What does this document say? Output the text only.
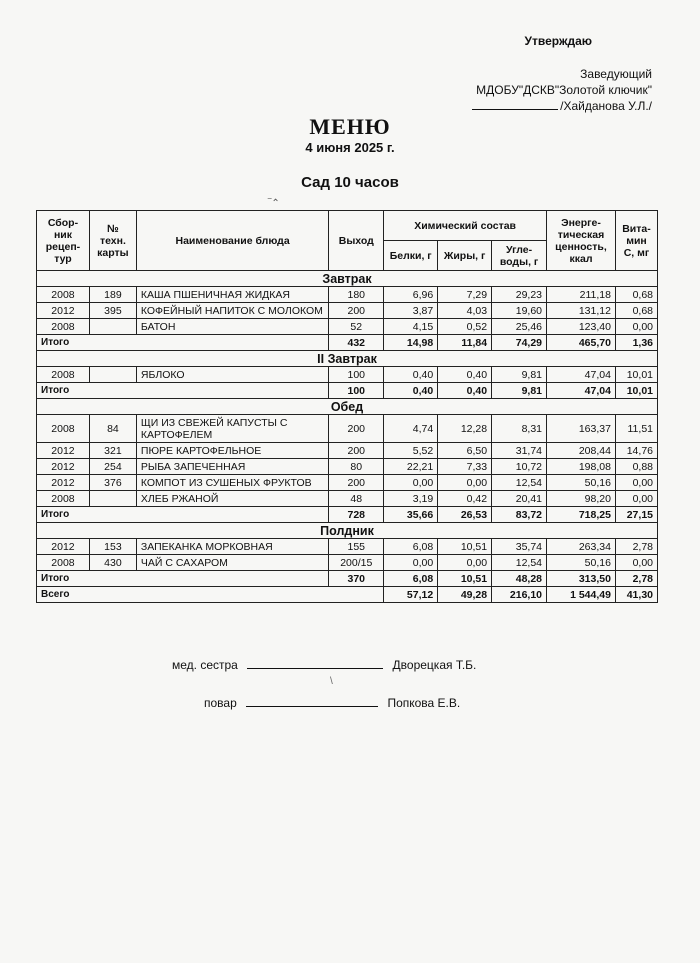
Утверждаю
Заведующий
МДОБУ"ДСКВ"Золотой ключик"
/Хайданова У.Л./
МЕНЮ
4 июня 2025 г.
Сад 10 часов
‾⌃
Сбор-ник рецеп-тур	№ техн. карты	Наименование блюда	Выход	Химический состав			Энерге-тическая ценность, ккал	Вита-мин С, мг
				Белки, г	Жиры, г	Угле-воды, г		
Завтрак								
2008	189	КАША ПШЕНИЧНАЯ ЖИДКАЯ	180	6,96	7,29	29,23	211,18	0,68
2012	395	КОФЕЙНЫЙ НАПИТОК С МОЛОКОМ	200	3,87	4,03	19,60	131,12	0,68
2008		БАТОН	52	4,15	0,52	25,46	123,40	0,00
Итого			432	14,98	11,84	74,29	465,70	1,36
II Завтрак								
2008		ЯБЛОКО	100	0,40	0,40	9,81	47,04	10,01
Итого			100	0,40	0,40	9,81	47,04	10,01
Обед								
2008	84	ЩИ ИЗ СВЕЖЕЙ КАПУСТЫ С КАРТОФЕЛЕМ	200	4,74	12,28	8,31	163,37	11,51
2012	321	ПЮРЕ КАРТОФЕЛЬНОЕ	200	5,52	6,50	31,74	208,44	14,76
2012	254	РЫБА ЗАПЕЧЕННАЯ	80	22,21	7,33	10,72	198,08	0,88
2012	376	КОМПОТ ИЗ СУШЕНЫХ ФРУКТОВ	200	0,00	0,00	12,54	50,16	0,00
2008		ХЛЕБ РЖАНОЙ	48	3,19	0,42	20,41	98,20	0,00
Итого			728	35,66	26,53	83,72	718,25	27,15
Полдник								
2012	153	ЗАПЕКАНКА МОРКОВНАЯ	155	6,08	10,51	35,74	263,34	2,78
2008	430	ЧАЙ С САХАРОМ	200/15	0,00	0,00	12,54	50,16	0,00
Итого			370	6,08	10,51	48,28	313,50	2,78
Всего				57,12	49,28	216,10	1 544,49	41,30
мед. сестра	Дворецкая Т.Б.
\
повар	Попкова Е.В.
